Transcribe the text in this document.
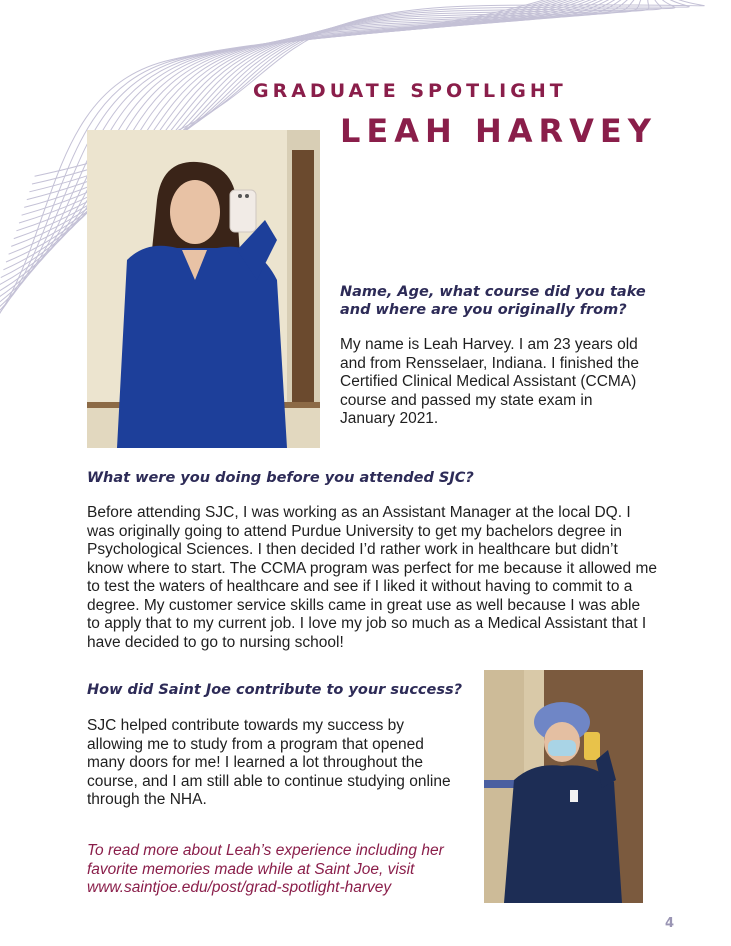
GRADUATE SPOTLIGHT
LEAH HARVEY
Name, Age, what course did you take and where are you originally from?
My name is Leah Harvey. I am 23 years old and from Rensselaer, Indiana. I finished the Certified Clinical Medical Assistant (CCMA) course and passed my state exam in January 2021.
What were you doing before you attended SJC?
Before attending SJC, I was working as an Assistant Manager at the local DQ. I was originally going to attend Purdue University to get my bachelors degree in Psychological Sciences. I then decided I’d rather work in healthcare but didn’t know where to start. The CCMA program was perfect for me because it allowed me to test the waters of healthcare and see if I liked it without having to commit to a degree. My customer service skills came in great use as well because I was able to apply that to my current job. I love my job so much as a Medical Assistant that I have decided to go to nursing school!
How did Saint Joe contribute to your success?
SJC helped contribute towards my success by allowing me to study from a program that opened many doors for me! I learned a lot throughout the course, and I am still able to continue studying online through the NHA.
To read more about Leah’s experience including her favorite memories made while at Saint Joe, visit www.saintjoe.edu/post/grad-spotlight-harvey
4
